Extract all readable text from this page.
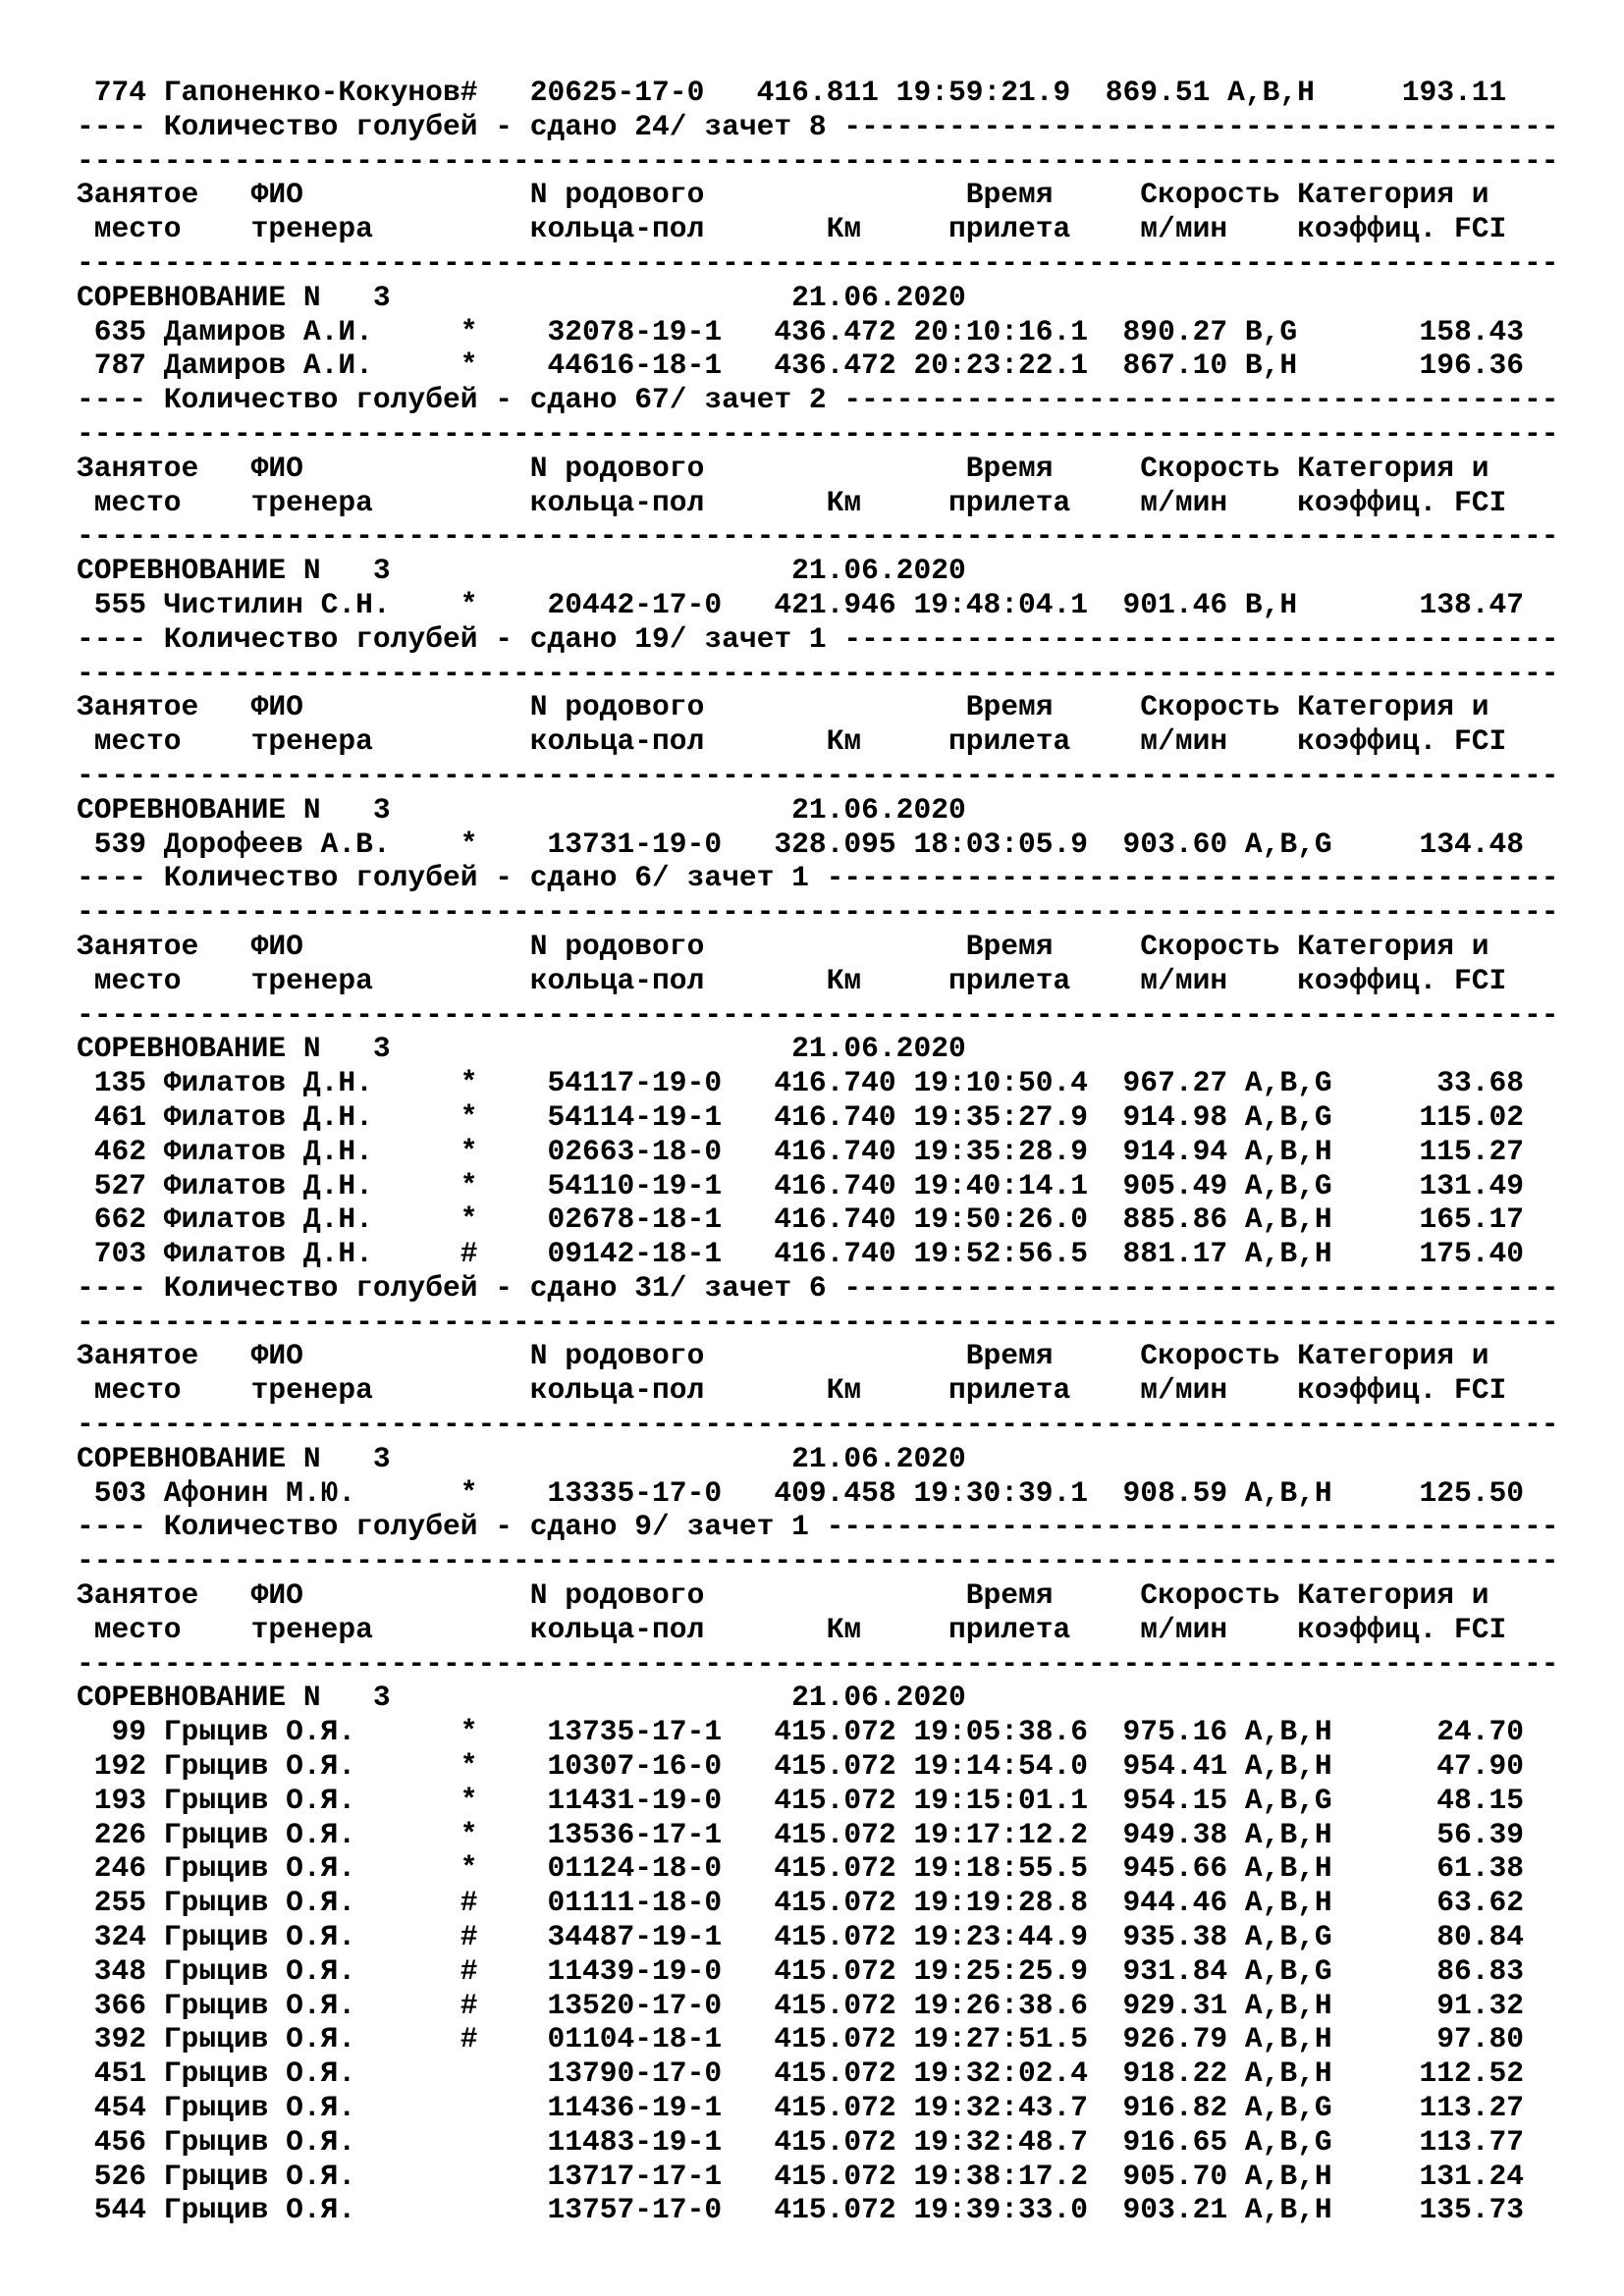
774 Гапоненко-Кокунов#   20625-17-0   416.811 19:59:21.9  869.51 A,B,H     193.11
---- Количество голубей - сдано 24/ зачет 8 -----------------------------------------
-------------------------------------------------------------------------------------
Занятое   ФИО             N родового               Время     Скорость Категория и
место    тренера         кольца-пол       Км     прилета    м/мин    коэффиц. FCI
-------------------------------------------------------------------------------------
СОРЕВНОВАНИЕ N   3                       21.06.2020
635 Дамиров А.И.     *    32078-19-1   436.472 20:10:16.1  890.27 B,G       158.43
787 Дамиров А.И.     *    44616-18-1   436.472 20:23:22.1  867.10 B,H       196.36
---- Количество голубей - сдано 67/ зачет 2 -----------------------------------------
-------------------------------------------------------------------------------------
Занятое   ФИО             N родового               Время     Скорость Категория и
место    тренера         кольца-пол       Км     прилета    м/мин    коэффиц. FCI
-------------------------------------------------------------------------------------
СОРЕВНОВАНИЕ N   3                       21.06.2020
555 Чистилин С.Н.    *    20442-17-0   421.946 19:48:04.1  901.46 B,H       138.47
---- Количество голубей - сдано 19/ зачет 1 -----------------------------------------
-------------------------------------------------------------------------------------
Занятое   ФИО             N родового               Время     Скорость Категория и
место    тренера         кольца-пол       Км     прилета    м/мин    коэффиц. FCI
-------------------------------------------------------------------------------------
СОРЕВНОВАНИЕ N   3                       21.06.2020
539 Дорофеев А.В.    *    13731-19-0   328.095 18:03:05.9  903.60 A,B,G     134.48
---- Количество голубей - сдано 6/ зачет 1 ------------------------------------------
-------------------------------------------------------------------------------------
Занятое   ФИО             N родового               Время     Скорость Категория и
место    тренера         кольца-пол       Км     прилета    м/мин    коэффиц. FCI
-------------------------------------------------------------------------------------
СОРЕВНОВАНИЕ N   3                       21.06.2020
135 Филатов Д.Н.     *    54117-19-0   416.740 19:10:50.4  967.27 A,B,G      33.68
461 Филатов Д.Н.     *    54114-19-1   416.740 19:35:27.9  914.98 A,B,G     115.02
462 Филатов Д.Н.     *    02663-18-0   416.740 19:35:28.9  914.94 A,B,H     115.27
527 Филатов Д.Н.     *    54110-19-1   416.740 19:40:14.1  905.49 A,B,G     131.49
662 Филатов Д.Н.     *    02678-18-1   416.740 19:50:26.0  885.86 A,B,H     165.17
703 Филатов Д.Н.     #    09142-18-1   416.740 19:52:56.5  881.17 A,B,H     175.40
---- Количество голубей - сдано 31/ зачет 6 -----------------------------------------
-------------------------------------------------------------------------------------
Занятое   ФИО             N родового               Время     Скорость Категория и
место    тренера         кольца-пол       Км     прилета    м/мин    коэффиц. FCI
-------------------------------------------------------------------------------------
СОРЕВНОВАНИЕ N   3                       21.06.2020
503 Афонин М.Ю.      *    13335-17-0   409.458 19:30:39.1  908.59 A,B,H     125.50
---- Количество голубей - сдано 9/ зачет 1 ------------------------------------------
-------------------------------------------------------------------------------------
Занятое   ФИО             N родового               Время     Скорость Категория и
место    тренера         кольца-пол       Км     прилета    м/мин    коэффиц. FCI
-------------------------------------------------------------------------------------
СОРЕВНОВАНИЕ N   3                       21.06.2020
99 Грыцив О.Я.      *    13735-17-1   415.072 19:05:38.6  975.16 A,B,H      24.70
192 Грыцив О.Я.      *    10307-16-0   415.072 19:14:54.0  954.41 A,B,H      47.90
193 Грыцив О.Я.      *    11431-19-0   415.072 19:15:01.1  954.15 A,B,G      48.15
226 Грыцив О.Я.      *    13536-17-1   415.072 19:17:12.2  949.38 A,B,H      56.39
246 Грыцив О.Я.      *    01124-18-0   415.072 19:18:55.5  945.66 A,B,H      61.38
255 Грыцив О.Я.      #    01111-18-0   415.072 19:19:28.8  944.46 A,B,H      63.62
324 Грыцив О.Я.      #    34487-19-1   415.072 19:23:44.9  935.38 A,B,G      80.84
348 Грыцив О.Я.      #    11439-19-0   415.072 19:25:25.9  931.84 A,B,G      86.83
366 Грыцив О.Я.      #    13520-17-0   415.072 19:26:38.6  929.31 A,B,H      91.32
392 Грыцив О.Я.      #    01104-18-1   415.072 19:27:51.5  926.79 A,B,H      97.80
451 Грыцив О.Я.           13790-17-0   415.072 19:32:02.4  918.22 A,B,H     112.52
454 Грыцив О.Я.           11436-19-1   415.072 19:32:43.7  916.82 A,B,G     113.27
456 Грыцив О.Я.           11483-19-1   415.072 19:32:48.7  916.65 A,B,G     113.77
526 Грыцив О.Я.           13717-17-1   415.072 19:38:17.2  905.70 A,B,H     131.24
544 Грыцив О.Я.           13757-17-0   415.072 19:39:33.0  903.21 A,B,H     135.73
